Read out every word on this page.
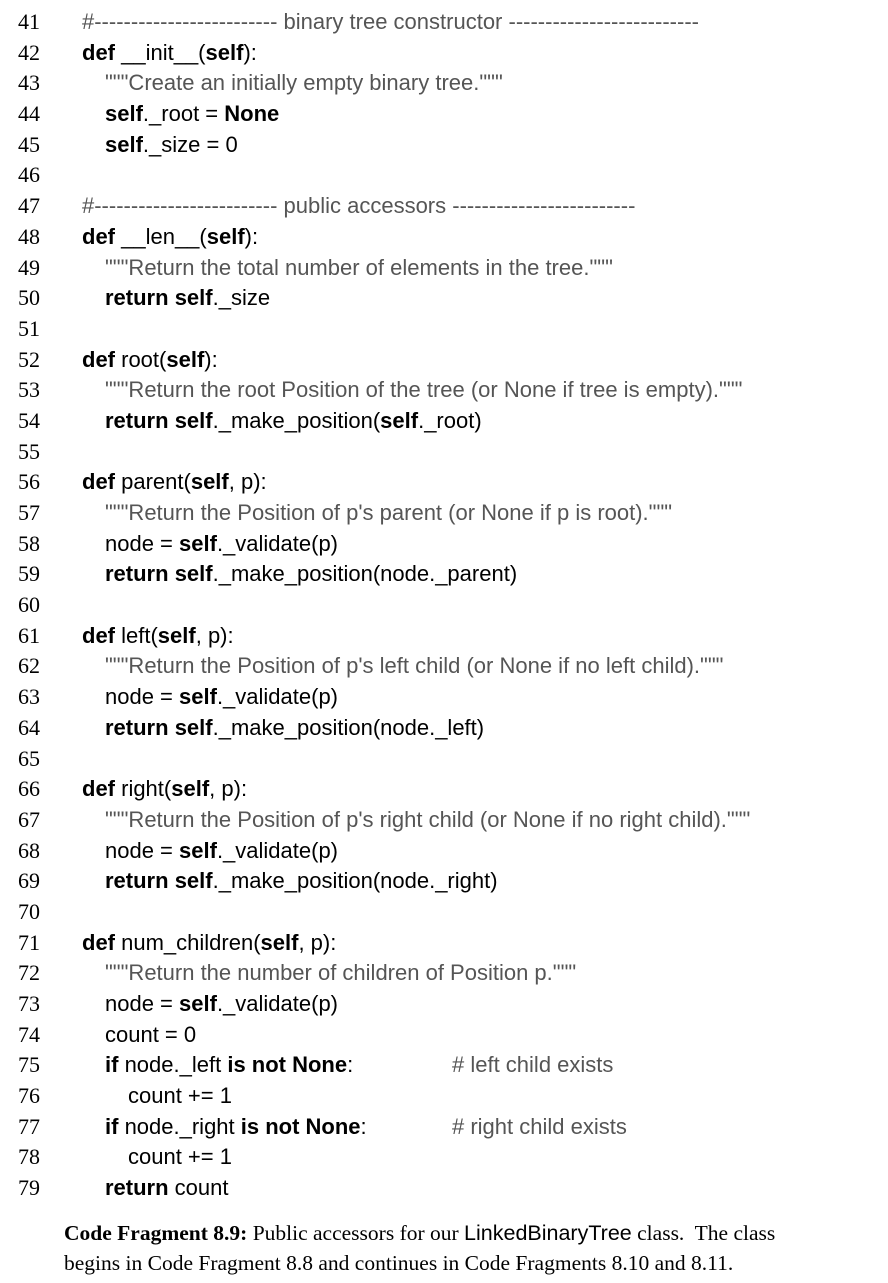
41 #------------------------- binary tree constructor --------------------------
42 def __init__(self):
43	"""Create an initially empty binary tree."""
44	self._root = None
45	self._size = 0
46
47 #------------------------- public accessors -------------------------
48 def __len__(self):
49	"""Return the total number of elements in the tree."""
50	return self._size
51
52 def root(self):
53	"""Return the root Position of the tree (or None if tree is empty)."""
54	return self._make_position(self._root)
55
56 def parent(self, p):
57	"""Return the Position of p's parent (or None if p is root)."""
58	node = self._validate(p)
59	return self._make_position(node._parent)
60
61 def left(self, p):
62	"""Return the Position of p's left child (or None if no left child)."""
63	node = self._validate(p)
64	return self._make_position(node._left)
65
66 def right(self, p):
67	"""Return the Position of p's right child (or None if no right child)."""
68	node = self._validate(p)
69	return self._make_position(node._right)
70
71 def num_children(self, p):
72	"""Return the number of children of Position p."""
73	node = self._validate(p)
74	count = 0
75	if node._left is not None:	# left child exists
76	count += 1
77	if node._right is not None:	# right child exists
78	count += 1
79	return count
Code Fragment 8.9: Public accessors for our LinkedBinaryTree class.  The class
begins in Code Fragment 8.8 and continues in Code Fragments 8.10 and 8.11.
